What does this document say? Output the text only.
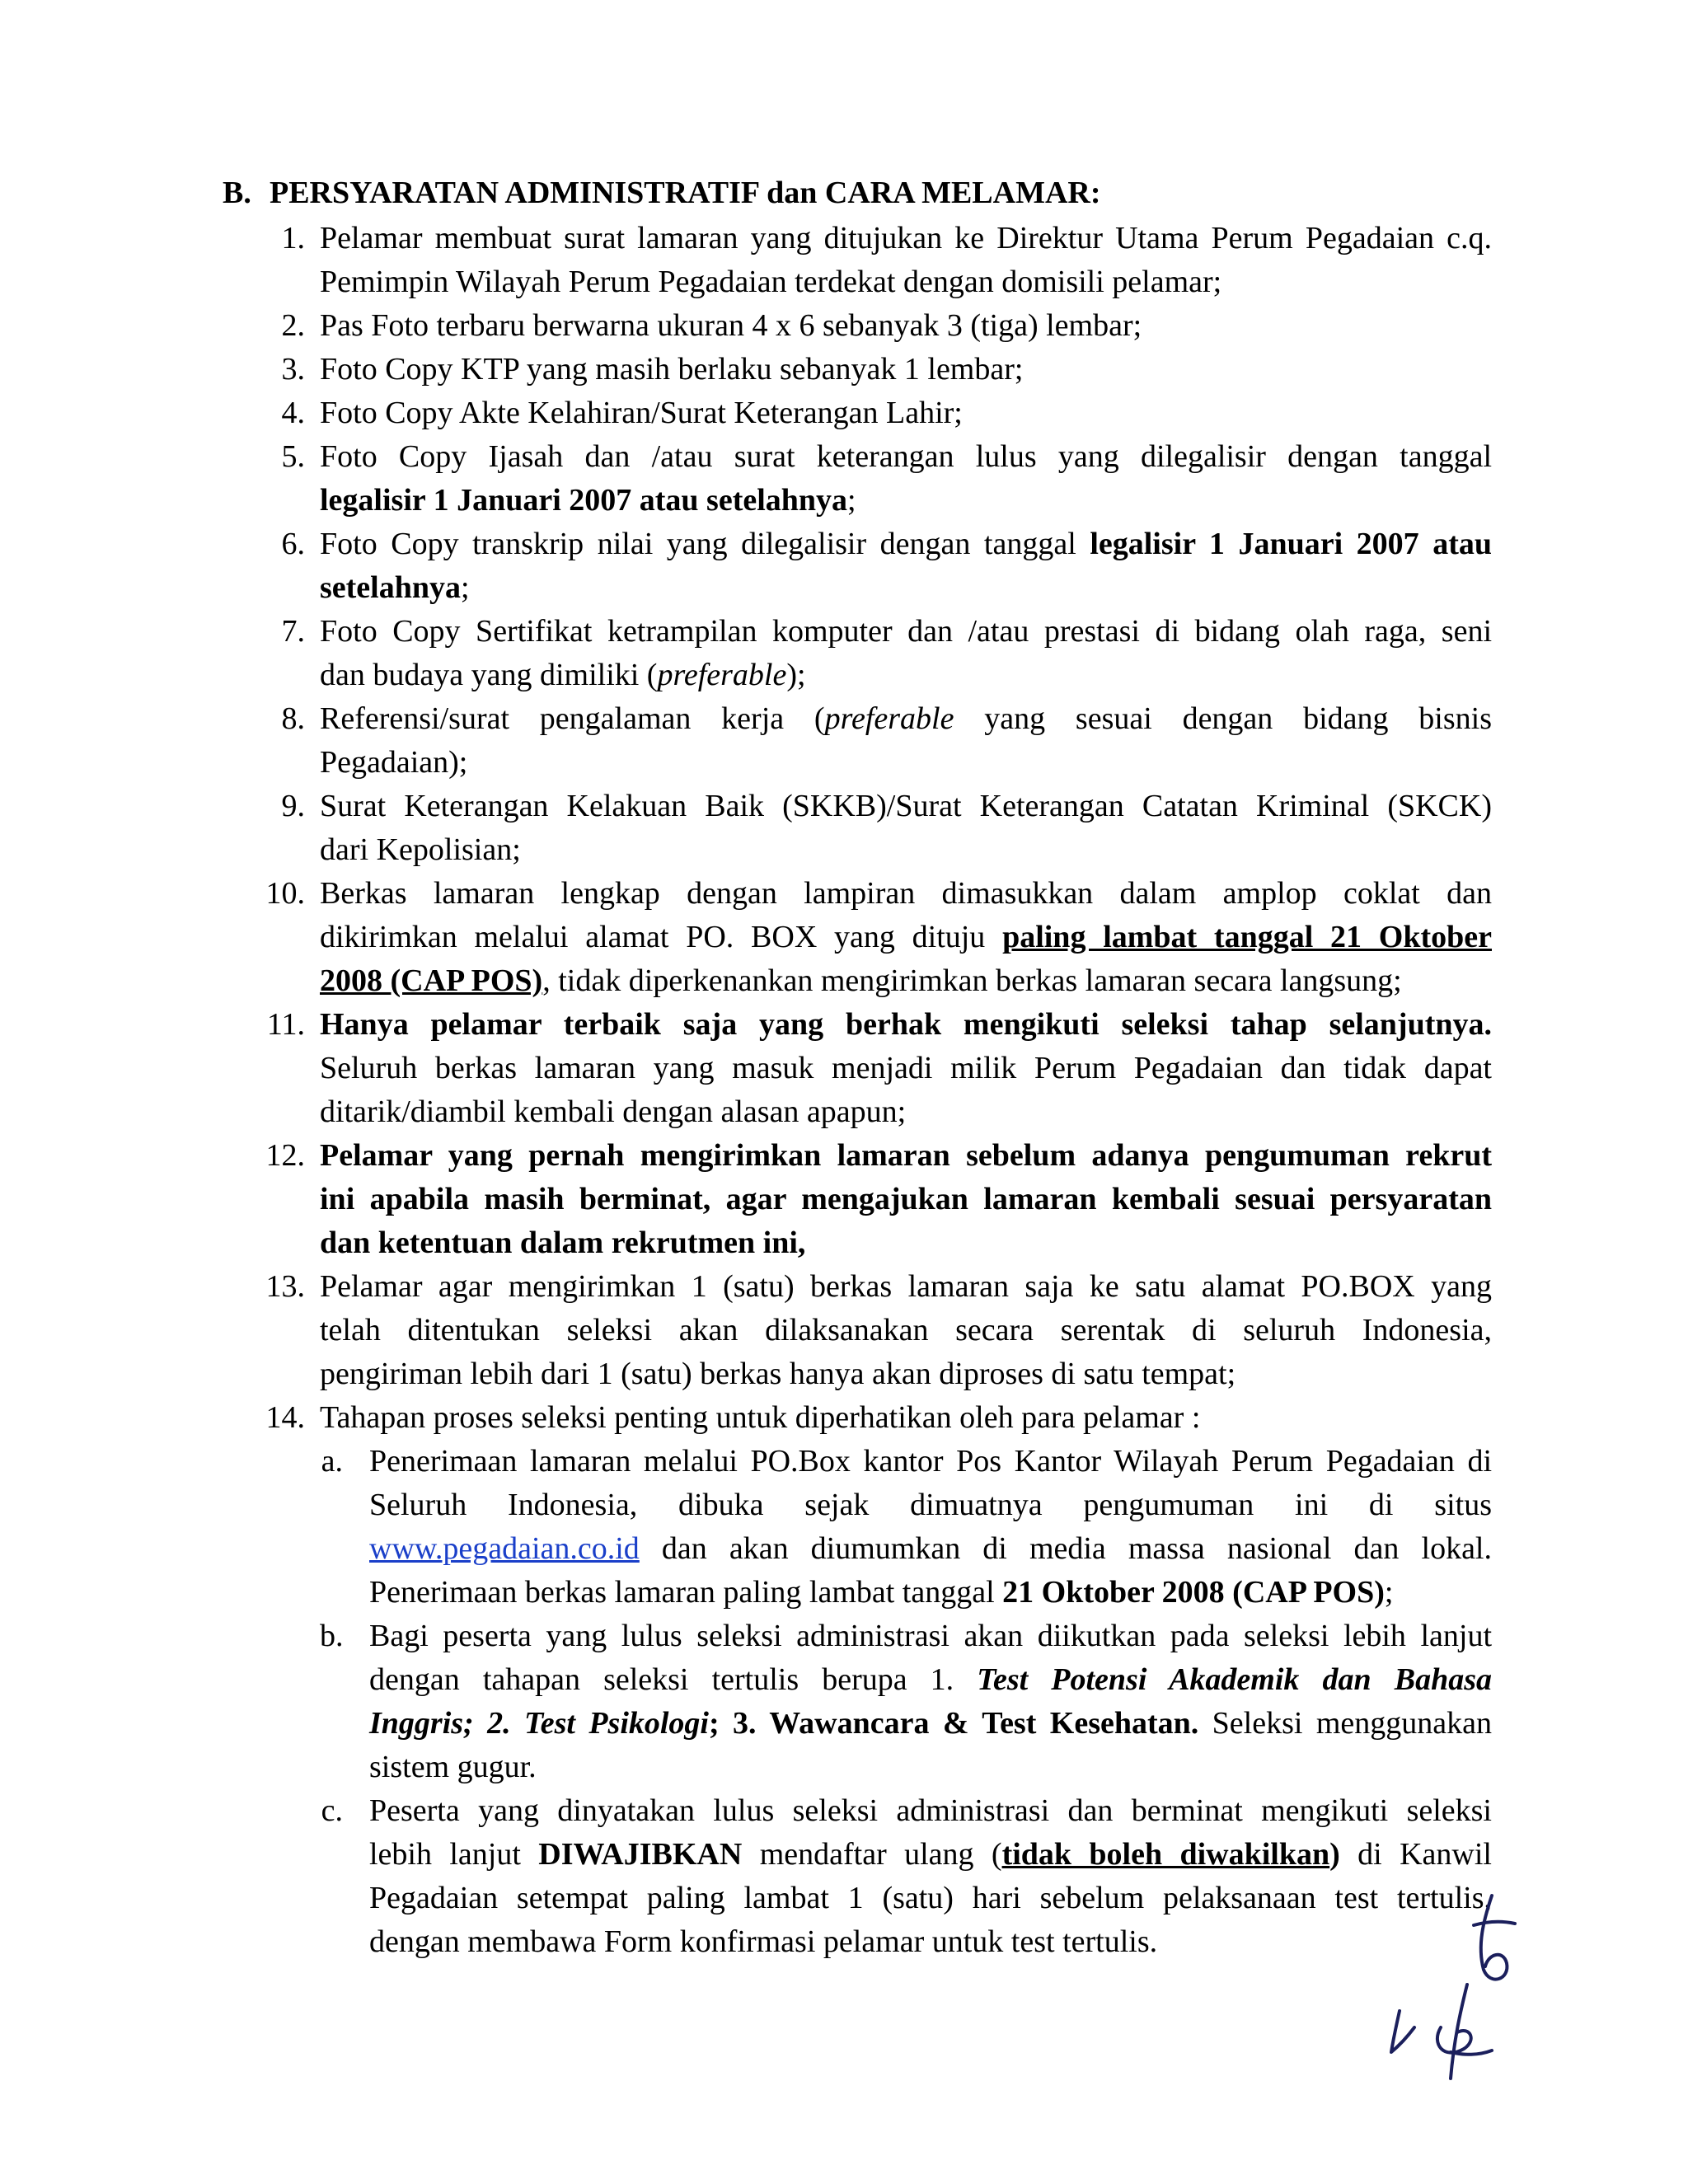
B. PERSYARATAN ADMINISTRATIF dan CARA MELAMAR:
1. Pelamar membuat surat lamaran yang ditujukan ke Direktur Utama Perum Pegadaian c.q.
Pemimpin Wilayah Perum Pegadaian terdekat dengan domisili pelamar;
2. Pas Foto terbaru berwarna ukuran 4 x 6 sebanyak 3 (tiga) lembar;
3. Foto Copy KTP yang masih berlaku sebanyak 1 lembar;
4. Foto Copy Akte Kelahiran/Surat Keterangan Lahir;
5. Foto Copy Ijasah dan /atau surat keterangan lulus yang dilegalisir dengan tanggal
legalisir 1 Januari 2007 atau setelahnya;
6. Foto Copy transkrip nilai yang dilegalisir dengan tanggal legalisir 1 Januari 2007 atau
setelahnya;
7. Foto Copy Sertifikat ketrampilan komputer dan /atau prestasi di bidang olah raga, seni
dan budaya yang dimiliki (preferable);
8. Referensi/surat pengalaman kerja (preferable yang sesuai dengan bidang bisnis
Pegadaian);
9. Surat Keterangan Kelakuan Baik (SKKB)/Surat Keterangan Catatan Kriminal (SKCK)
dari Kepolisian;
10. Berkas lamaran lengkap dengan lampiran dimasukkan dalam amplop coklat dan
dikirimkan melalui alamat PO. BOX yang dituju paling lambat tanggal 21 Oktober
2008 (CAP POS), tidak diperkenankan mengirimkan berkas lamaran secara langsung;
11. Hanya pelamar terbaik saja yang berhak mengikuti seleksi tahap selanjutnya.
Seluruh berkas lamaran yang masuk menjadi milik Perum Pegadaian dan tidak dapat
ditarik/diambil kembali dengan alasan apapun;
12. Pelamar yang pernah mengirimkan lamaran sebelum adanya pengumuman rekrut
ini apabila masih berminat, agar mengajukan lamaran kembali sesuai persyaratan
dan ketentuan dalam rekrutmen ini,
13. Pelamar agar mengirimkan 1 (satu) berkas lamaran saja ke satu alamat PO.BOX yang
telah ditentukan seleksi akan dilaksanakan secara serentak di seluruh Indonesia,
pengiriman lebih dari 1 (satu) berkas hanya akan diproses di satu tempat;
14. Tahapan proses seleksi penting untuk diperhatikan oleh para pelamar :
a. Penerimaan lamaran melalui PO.Box kantor Pos Kantor Wilayah Perum Pegadaian di
Seluruh Indonesia, dibuka sejak dimuatnya pengumuman ini di situs
www.pegadaian.co.id dan akan diumumkan di media massa nasional dan lokal.
Penerimaan berkas lamaran paling lambat tanggal 21 Oktober 2008 (CAP POS);
b. Bagi peserta yang lulus seleksi administrasi akan diikutkan pada seleksi lebih lanjut
dengan tahapan seleksi tertulis berupa 1. Test Potensi Akademik dan Bahasa
Inggris; 2. Test Psikologi; 3. Wawancara & Test Kesehatan. Seleksi menggunakan
sistem gugur.
c. Peserta yang dinyatakan lulus seleksi administrasi dan berminat mengikuti seleksi
lebih lanjut DIWAJIBKAN mendaftar ulang (tidak boleh diwakilkan) di Kanwil
Pegadaian setempat paling lambat 1 (satu) hari sebelum pelaksanaan test tertulis,
dengan membawa Form konfirmasi pelamar untuk test tertulis.
